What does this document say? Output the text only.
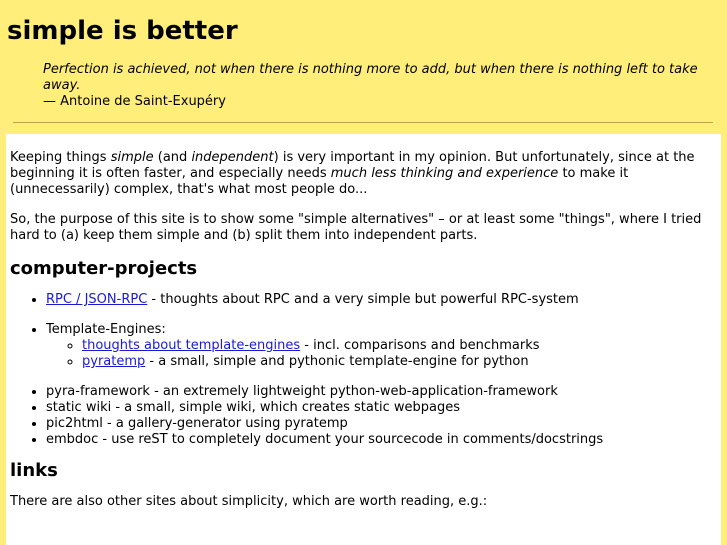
simple is better
Perfection is achieved, not when there is nothing more to add, but when there is nothing left to take away.
— Antoine de Saint-Exupéry

Keeping things simple (and independent) is very important in my opinion. But unfortunately, since at the beginning it is often faster, and especially needs much less thinking and experience to make it (unnecessarily) complex, that's what most people do...

So, the purpose of this site is to show some "simple alternatives" – or at least some "things", where I tried hard to (a) keep them simple and (b) split them into independent parts.

computer-projects
• RPC / JSON-RPC - thoughts about RPC and a very simple but powerful RPC-system
• Template-Engines:
◦ thoughts about template-engines - incl. comparisons and benchmarks
◦ pyratemp - a small, simple and pythonic template-engine for python
• pyra-framework - an extremely lightweight python-web-application-framework
• static wiki - a small, simple wiki, which creates static webpages
• pic2html - a gallery-generator using pyratemp
• embdoc - use reST to completely document your sourcecode in comments/docstrings
links

There are also other sites about simplicity, which are worth reading, e.g.:
